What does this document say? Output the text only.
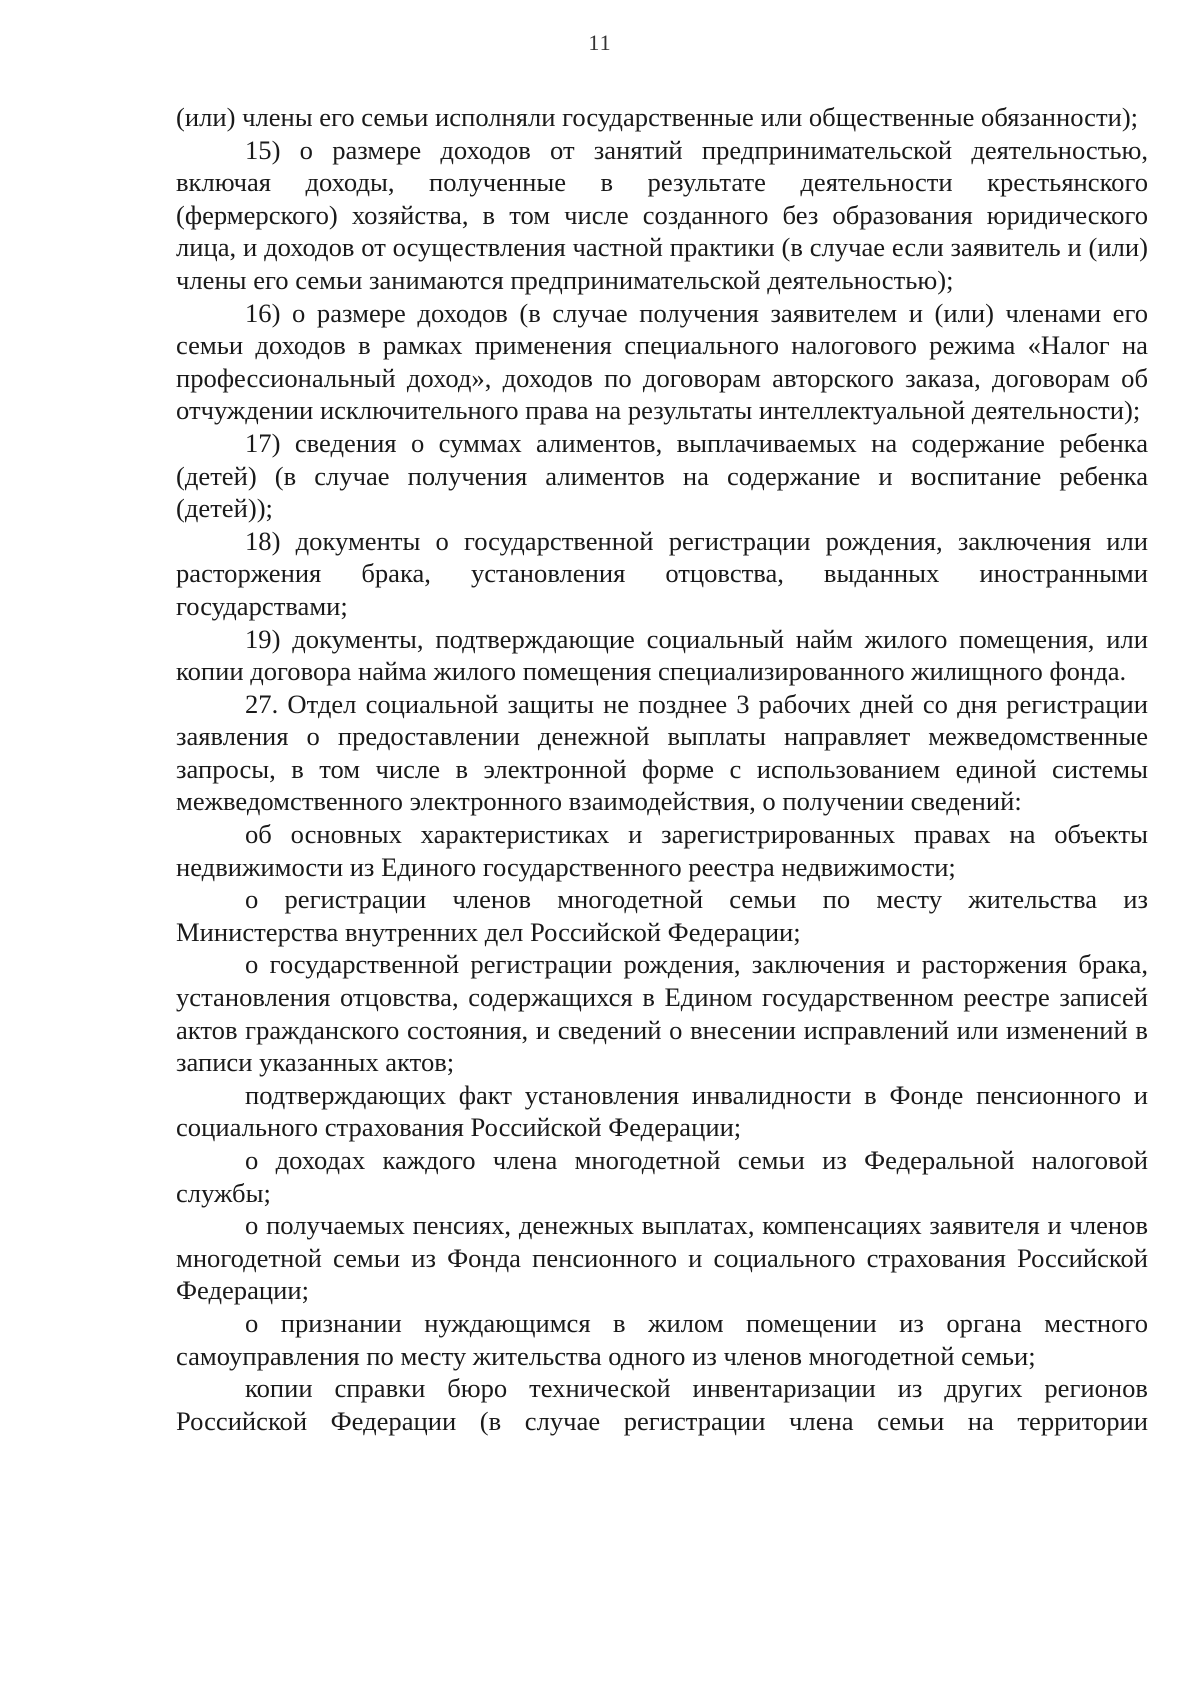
11

(или) члены его семьи исполняли государственные или общественные обязанности);

15) о размере доходов от занятий предпринимательской деятельностью, включая доходы, полученные в результате деятельности крестьянского (фермерского) хозяйства, в том числе созданного без образования юридического лица, и доходов от осуществления частной практики (в случае если заявитель и (или) члены его семьи занимаются предпринимательской деятельностью);

16) о размере доходов (в случае получения заявителем и (или) членами его семьи доходов в рамках применения специального налогового режима «Налог на профессиональный доход», доходов по договорам авторского заказа, договорам об отчуждении исключительного права на результаты интеллектуальной деятельности);

17) сведения о суммах алиментов, выплачиваемых на содержание ребенка (детей) (в случае получения алиментов на содержание и воспитание ребенка (детей));

18) документы о государственной регистрации рождения, заключения или расторжения брака, установления отцовства, выданных иностранными государствами;

19) документы, подтверждающие социальный найм жилого помещения, или копии договора найма жилого помещения специализированного жилищного фонда.

27. Отдел социальной защиты не позднее 3 рабочих дней со дня регистрации заявления о предоставлении денежной выплаты направляет межведомственные запросы, в том числе в электронной форме с использованием единой системы межведомственного электронного взаимодействия, о получении сведений:

об основных характеристиках и зарегистрированных правах на объекты недвижимости из Единого государственного реестра недвижимости;

о регистрации членов многодетной семьи по месту жительства из Министерства внутренних дел Российской Федерации;

о государственной регистрации рождения, заключения и расторжения брака, установления отцовства, содержащихся в Едином государственном реестре записей актов гражданского состояния, и сведений о внесении исправлений или изменений в записи указанных актов;

подтверждающих факт установления инвалидности в Фонде пенсионного и социального страхования Российской Федерации;

о доходах каждого члена многодетной семьи из Федеральной налоговой службы;

о получаемых пенсиях, денежных выплатах, компенсациях заявителя и членов многодетной семьи из Фонда пенсионного и социального страхования Российской Федерации;

о признании нуждающимся в жилом помещении из органа местного самоуправления по месту жительства одного из членов многодетной семьи;

копии справки бюро технической инвентаризации из других регионов Российской Федерации (в случае регистрации члена семьи на территории
